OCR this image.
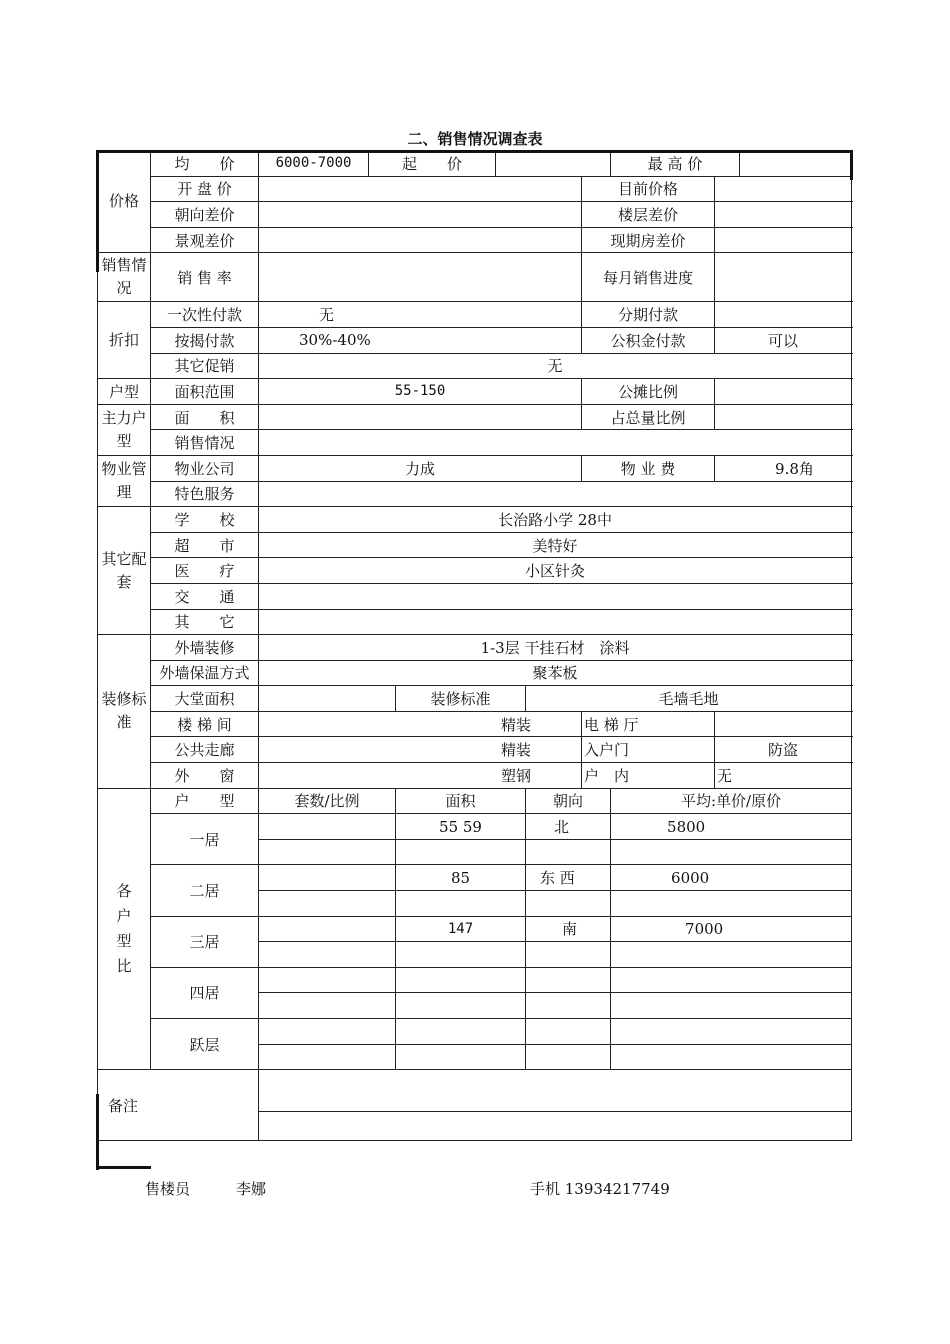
二、销售情况调查表
价格	均　　价	6000-7000	起　　价					最 高 价			
	开 盘 价						目前价格				
	朝向差价						楼层差价				
	景观差价						现期房差价				
销售情况	销 售 率						每月销售进度				
折扣	一次性付款	无					分期付款				
	按揭付款	30%-40%					公积金付款		可以		
	其它促销	无									
户型	面积范围	55-150					公摊比例				
主力户型	面　　积						占总量比例				
	销售情况										
物业管理	物业公司	力成					物 业 费		9.8角		
	特色服务										
其它配套	学　　校	长治路小学 28中									
	超　　市	美特好									
	医　　疗	小区针灸									
	交　　通										
	其　　它										
装修标准	外墙装修	1-3层 干挂石材　涂料									
	外墙保温方式	聚苯板									
	大堂面积			装修标准		毛墙毛地					
	楼 梯 间	精装					电 梯 厅				
	公共走廊	精装					入户门		防盗		
	外　　窗	塑钢					户　内		无		
各户型比	户　　型	套数/比例		面积		朝向		平均:单价/原价	
	一居			55 59		北		5800			

	二居			85		东 西		6000			

	三居			147		南		7000			

	四居										

	跃层										

备注											

售楼员	李娜	手机 13934217749
